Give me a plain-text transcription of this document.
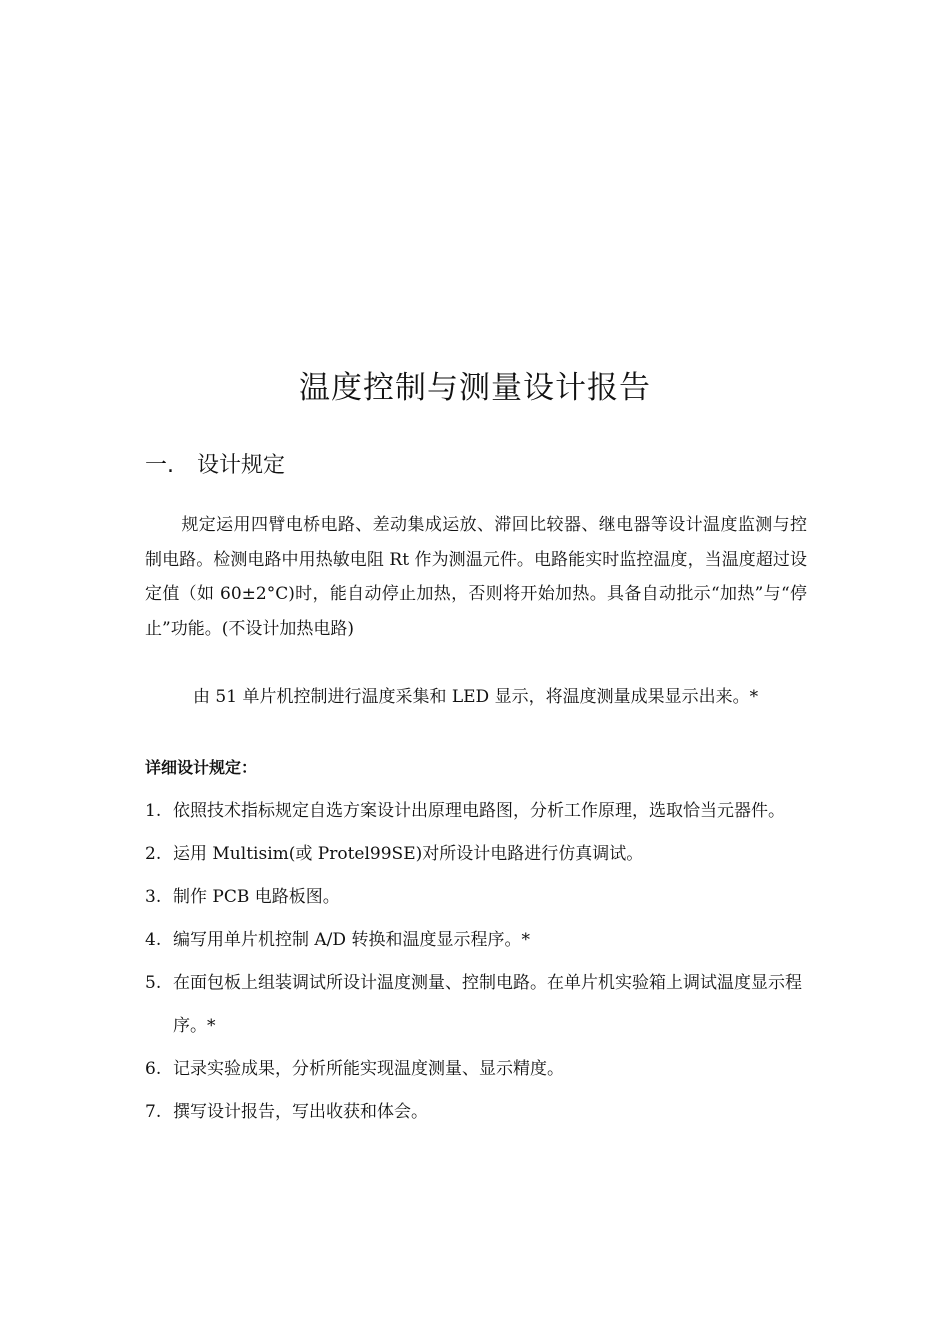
温度控制与测量设计报告
一. 设计规定
规定运用四臂电桥电路、差动集成运放、滞回比较器、继电器等设计温度监测与控制电路。检测电路中用热敏电阻 Rt 作为测温元件。电路能实时监控温度，当温度超过设定值（如 60±2°C)时，能自动停止加热，否则将开始加热。具备自动批示“加热”与“停止”功能。(不设计加热电路)
由 51 单片机控制进行温度采集和 LED 显示，将温度测量成果显示出来。*
详细设计规定：
1. 依照技术指标规定自选方案设计出原理电路图，分析工作原理，选取恰当元器件。
2. 运用 Multisim(或 Protel99SE)对所设计电路进行仿真调试。
3. 制作 PCB 电路板图。
4. 编写用单片机控制 A/D 转换和温度显示程序。*
5. 在面包板上组装调试所设计温度测量、控制电路。在单片机实验箱上调试温度显示程序。*
6. 记录实验成果，分析所能实现温度测量、显示精度。
7. 撰写设计报告，写出收获和体会。
